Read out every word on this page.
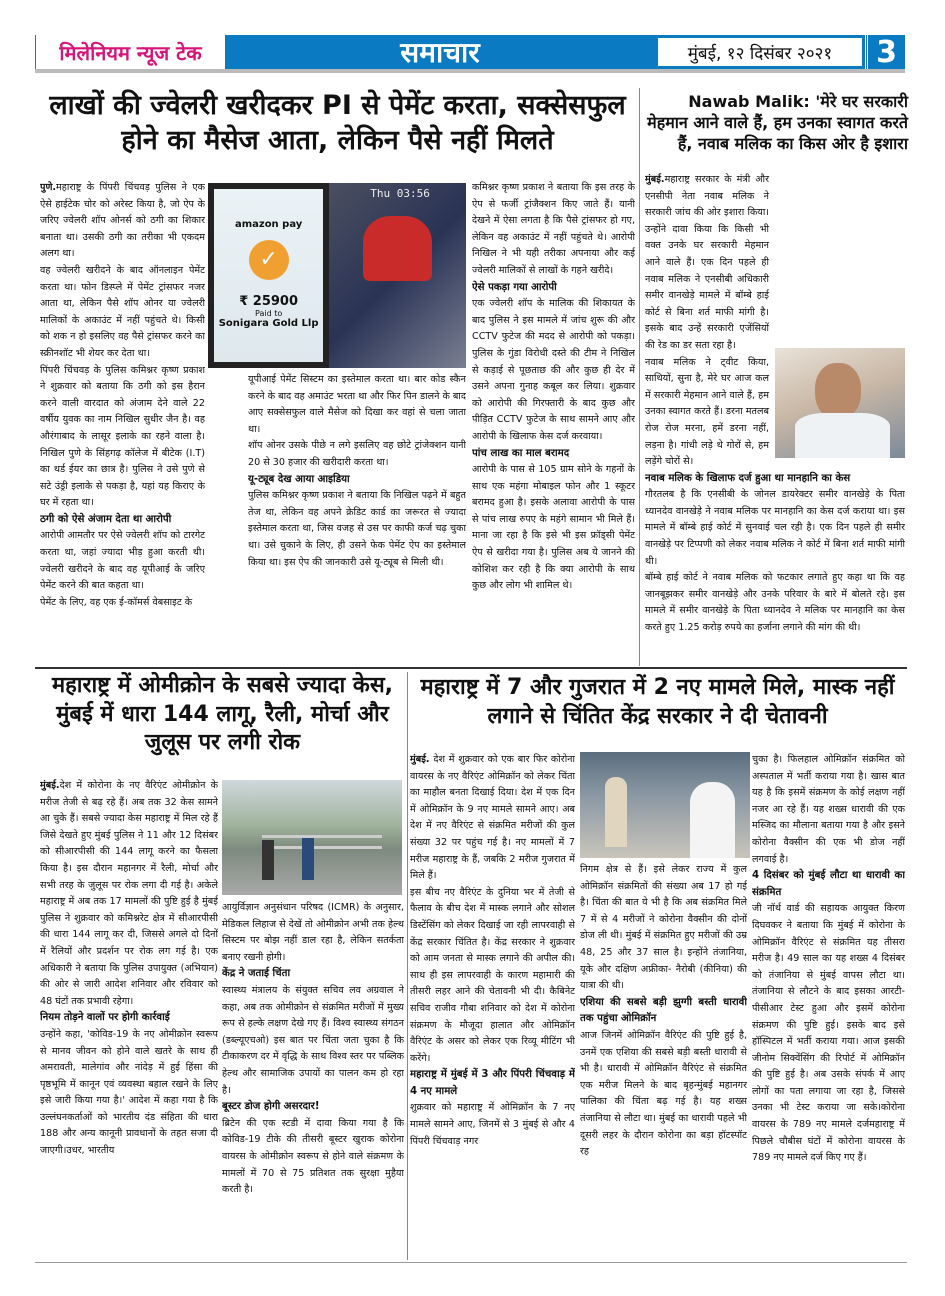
मिलेनियम न्यूज टेक	समाचार	मुंबई, १२ दिसंबर २०२१	3
लाखों की ज्वेलरी खरीदकर PI से पेमेंट करता, सक्सेसफुल होने का मैसेज आता, लेकिन पैसे नहीं मिलते
amazon pay
✓
₹ 25900
Paid to
Sonigara Gold Llp
Thu 03:56

पुणे.महाराष्ट्र के पिंपरी चिंचवड़ पुलिस ने एक ऐसे हाईटेक चोर को अरेस्ट किया है, जो ऐप के जरिए ज्वेलरी शॉप ओनर्स को ठगी का शिकार बनाता था। उसकी ठगी का तरीका भी एकदम अलग था।

वह ज्वेलरी खरीदने के बाद ऑनलाइन पेमेंट करता था। फोन डिस्प्ले में पेमेंट ट्रांसफर नजर आता था, लेकिन पैसे शॉप ओनर या ज्वेलरी मालिकों के अकाउंट में नहीं पहुंचते थे। किसी को शक न हो इसलिए वह पैसे ट्रांसफर करने का स्क्रीनशॉट भी शेयर कर देता था।

पिंपरी चिंचवड़ के पुलिस कमिश्नर कृष्ण प्रकाश ने शुक्रवार को बताया कि ठगी को इस हैरान करने वाली वारदात को अंजाम देने वाले 22 वर्षीय युवक का नाम निखिल सुधीर जैन है। वह औरंगाबाद के लासूर इलाके का रहने वाला है। निखिल पुणे के सिंहगढ़ कॉलेज में बीटेक (I.T) का थर्ड ईयर का छात्र है। पुलिस ने उसे पुणे से सटे उंड्री इलाके से पकड़ा है, यहां यह किराए के घर में रहता था।

ठगी को ऐसे अंजाम देता था आरोपी

आरोपी आमतौर पर ऐसे ज्वेलरी शॉप को टारगेट करता था, जहां ज्यादा भीड़ हुआ करती थी। ज्वेलरी खरीदने के बाद वह यूपीआई के जरिए पेमेंट करने की बात कहता था।

पेमेंट के लिए, वह एक ई-कॉमर्स वेबसाइट के

यूपीआई पेमेंट सिस्टम का इस्तेमाल करता था। बार कोड स्कैन करने के बाद वह अमाउंट भरता था और फिर पिन डालने के बाद आए सक्सेसफुल वाले मैसेज को दिखा कर वहां से चला जाता था।

शॉप ओनर उसके पीछे न लगे इसलिए वह छोटे ट्रांजेक्शन यानी 20 से 30 हजार की खरीदारी करता था।

यू-ट्यूब देख आया आइडिया

पुलिस कमिश्नर कृष्ण प्रकाश ने बताया कि निखिल पढ़ने में बहुत तेज था, लेकिन वह अपने क्रेडिट कार्ड का जरूरत से ज्यादा इस्तेमाल करता था, जिस वजह से उस पर काफी कर्ज चढ़ चुका था। उसे चुकाने के लिए, ही उसने फेक पेमेंट ऐप का इस्तेमाल किया था। इस ऐप की जानकारी उसे यू-ट्यूब से मिली थी।

कमिश्नर कृष्ण प्रकाश ने बताया कि इस तरह के ऐप से फर्जी ट्रांजैक्शन किए जाते हैं। यानी देखने में ऐसा लगता है कि पैसे ट्रांसफर हो गए, लेकिन वह अकाउंट में नहीं पहुंचते थे। आरोपी निखिल ने भी यही तरीका अपनाया और कई ज्वेलरी मालिकों से लाखों के गहने खरीदे।

ऐसे पकड़ा गया आरोपी

एक ज्वेलरी शॉप के मालिक की शिकायत के बाद पुलिस ने इस मामले में जांच शुरू की और CCTV फुटेज की मदद से आरोपी को पकड़ा। पुलिस के गुंडा विरोधी दस्ते की टीम ने निखिल से कड़ाई से पूछताछ की और कुछ ही देर में उसने अपना गुनाह कबूल कर लिया। शुक्रवार को आरोपी की गिरफ्तारी के बाद कुछ और पीड़ित CCTV फुटेज के साथ सामने आए और आरोपी के खिलाफ केस दर्ज करवाया।

पांच लाख का माल बरामद

आरोपी के पास से 105 ग्राम सोने के गहनों के साथ एक महंगा मोबाइल फोन और 1 स्कूटर बरामद हुआ है। इसके अलावा आरोपी के पास से पांच लाख रुपए के महंगे सामान भी मिले हैं। माना जा रहा है कि इसे भी इस फ्रॉड्सी पेमेंट ऐप से खरीदा गया है। पुलिस अब ये जानने की कोशिश कर रही है कि क्या आरोपी के साथ कुछ और लोग भी शामिल थे।

Nawab Malik: 'मेरे घर सरकारी मेहमान आने वाले हैं, हम उनका स्वागत करते हैं, नवाब मलिक का किस ओर है इशारा

मुंबई.महाराष्ट्र सरकार के मंत्री और एनसीपी नेता नवाब मलिक ने सरकारी जांच की ओर इशारा किया। उन्होंने दावा किया कि किसी भी वक्त उनके घर सरकारी मेहमान आने वाले हैं। एक दिन पहले ही नवाब मलिक ने एनसीबी अधिकारी समीर वानखेड़े मामले में बॉम्बे हाई कोर्ट से बिना शर्त माफी मांगी है। इसके बाद उन्हें सरकारी एजेंसियों की रेड का डर सता रहा है।

नवाब मलिक ने ट्वीट किया, साथियों, सुना है, मेरे घर आज कल में सरकारी मेहमान आने वाले हैं, हम उनका स्वागत करते हैं। डरना मतलब रोज रोज मरना, हमें डरना नहीं, लड़ना है। गांधी लड़े थे गोरों से, हम लड़ेंगे चोरों से।

नवाब मलिक के खिलाफ दर्ज हुआ था मानहानि का केस

गौरतलब है कि एनसीबी के जोनल डायरेक्टर समीर वानखेड़े के पिता ध्यानदेव वानखेड़े ने नवाब मलिक पर मानहानि का केस दर्ज कराया था। इस मामले में बॉम्बे हाई कोर्ट में सुनवाई चल रही है। एक दिन पहले ही समीर वानखेड़े पर टिप्पणी को लेकर नवाब मलिक ने कोर्ट में बिना शर्त माफी मांगी थी।

बॉम्बे हाई कोर्ट ने नवाब मलिक को फटकार लगाते हुए कहा था कि वह जानबूझकर समीर वानखेड़े और उनके परिवार के बारे में बोलते रहे। इस मामले में समीर वानखेड़े के पिता ध्यानदेव ने मलिक पर मानहानि का केस करते हुए 1.25 करोड़ रुपये का हर्जाना लगाने की मांग की थी।

महाराष्ट्र में ओमीक्रोन के सबसे ज्यादा केस, मुंबई में धारा 144 लागू, रैली, मोर्चा और जुलूस पर लगी रोक

मुंबई.देश में कोरोना के नए वैरिएंट ओमीक्रोन के मरीज तेजी से बढ़ रहे हैं। अब तक 32 केस सामने आ चुके हैं। सबसे ज्यादा केस महाराष्ट्र में मिल रहे हैं जिसे देखते हुए मुंबई पुलिस ने 11 और 12 दिसंबर को सीआरपीसी की 144 लागू करने का फैसला किया है। इस दौरान महानगर में रैली, मोर्चा और सभी तरह के जुलूस पर रोक लगा दी गई है। अकेले महाराष्ट्र में अब तक 17 मामलों की पुष्टि हुई है मुंबई पुलिस ने शुक्रवार को कमिश्नरेट क्षेत्र में सीआरपीसी की धारा 144 लागू कर दी, जिससे अगले दो दिनों में रैलियों और प्रदर्शन पर रोक लग गई है। एक अधिकारी ने बताया कि पुलिस उपायुक्त (अभियान) की ओर से जारी आदेश शनिवार और रविवार को 48 घंटों तक प्रभावी रहेगा।

नियम तोड़ने वालों पर होगी कार्रवाई

उन्होंने कहा, 'कोविड-19 के नए ओमीक्रोन स्वरूप से मानव जीवन को होने वाले खतरे के साथ ही अमरावती, मालेगांव और नांदेड़ में हुई हिंसा की पृष्ठभूमि में कानून एवं व्यवस्था बहाल रखने के लिए इसे जारी किया गया है।' आदेश में कहा गया है कि उल्लंघनकर्ताओं को भारतीय दंड संहिता की धारा 188 और अन्य कानूनी प्रावधानों के तहत सजा दी जाएगी।उधर, भारतीय

आयुर्विज्ञान अनुसंधान परिषद (ICMR) के अनुसार, मेडिकल लिहाज से देखें तो ओमीक्रोन अभी तक हेल्थ सिस्टम पर बोझ नहीं डाल रहा है, लेकिन सतर्कता बनाए रखनी होगी।

केंद्र ने जताई चिंता

स्वास्थ्य मंत्रालय के संयुक्त सचिव लव अग्रवाल ने कहा, अब तक ओमीक्रोन से संक्रमित मरीजों में मुख्य रूप से हल्के लक्षण देखे गए हैं। विश्व स्वास्थ्य संगठन (डब्ल्यूएचओ) इस बात पर चिंता जता चुका है कि टीकाकरण दर में वृद्धि के साथ विश्व स्तर पर पब्लिक हेल्थ और सामाजिक उपायों का पालन कम हो रहा है।

बूस्टर डोज होगी असरदार!

ब्रिटेन की एक स्टडी में दावा किया गया है कि कोविड-19 टीके की तीसरी बूस्टर खुराक कोरोना वायरस के ओमीक्रोन स्वरूप से होने वाले संक्रमण के मामलों में 70 से 75 प्रतिशत तक सुरक्षा मुहैया करती है।

महाराष्ट्र में 7 और गुजरात में 2 नए मामले मिले, मास्क नहीं लगाने से चिंतित केंद्र सरकार ने दी चेतावनी

मुंबई. देश में शुक्रवार को एक बार फिर कोरोना वायरस के नए वैरिएंट ओमिक्रॉन को लेकर चिंता का माहौल बनता दिखाई दिया। देश में एक दिन में ओमिक्रॉन के 9 नए मामले सामने आए। अब देश में नए वैरिएंट से संक्रमित मरीजों की कुल संख्या 32 पर पहुंच गई है। नए मामलों में 7 मरीज महाराष्ट्र के हैं, जबकि 2 मरीज गुजरात में मिले हैं।

इस बीच नए वैरिएंट के दुनिया भर में तेजी से फैलाव के बीच देश में मास्क लगाने और सोशल डिस्टेंसिंग को लेकर दिखाई जा रही लापरवाही से केंद्र सरकार चिंतित है। केंद्र सरकार ने शुक्रवार को आम जनता से मास्क लगाने की अपील की। साथ ही इस लापरवाही के कारण महामारी की तीसरी लहर आने की चेतावनी भी दी। कैबिनेट सचिव राजीव गौबा शनिवार को देश में कोरोना संक्रमण के मौजूदा हालात और ओमिक्रॉन वैरिएंट के असर को लेकर एक रिव्यू मीटिंग भी करेंगे।

महाराष्ट्र में मुंबई में 3 और पिंपरी चिंचवाड़ में 4 नए मामले

शुक्रवार को महाराष्ट्र में ओमिक्रॉन के 7 नए मामले सामने आए, जिनमें से 3 मुंबई से और 4 पिंपरी चिंचवाड़ नगर

निगम क्षेत्र से हैं। इसे लेकर राज्य में कुल ओमिक्रॉन संक्रमितों की संख्या अब 17 हो गई है। चिंता की बात ये भी है कि अब संक्रमित मिले 7 में से 4 मरीजों ने कोरोना वैक्सीन की दोनों डोज ली थी। मुंबई में संक्रमित हुए मरीजों की उम्र 48, 25 और 37 साल है। इन्होंने तंजानिया, यूके और दक्षिण अफ्रीका- नैरोबी (कीनिया) की यात्रा की थी।

एशिया की सबसे बड़ी झुग्गी बस्ती धारावी तक पहुंचा ओमिक्रॉन

आज जिनमें ओमिक्रॉन वैरिएंट की पुष्टि हुई है, उनमें एक एशिया की सबसे बड़ी बस्ती धारावी से भी है। धारावी में ओमिक्रॉन वैरिएंट से संक्रमित एक मरीज मिलने के बाद बृहन्मुंबई महानगर पालिका की चिंता बढ़ गई है। यह शख्स तंजानिया से लौटा था। मुंबई का धारावी पहले भी दूसरी लहर के दौरान कोरोना का बड़ा हॉटस्पॉट रह

चुका है। फिलहाल ओमिक्रॉन संक्रमित को अस्पताल में भर्ती कराया गया है। खास बात यह है कि इसमें संक्रमण के कोई लक्षण नहीं नजर आ रहे हैं। यह शख्स धारावी की एक मस्जिद का मौलाना बताया गया है और इसने कोरोना वैक्सीन की एक भी डोज नहीं लगवाई है।

4 दिसंबर को मुंबई लौटा था धारावी का संक्रमित

जी नॉर्थ वार्ड की सहायक आयुक्त किरण दिघवकर ने बताया कि मुंबई में कोरोना के ओमिक्रॉन वैरिएंट से संक्रमित यह तीसरा मरीज है। 49 साल का यह शख्स 4 दिसंबर को तंजानिया से मुंबई वापस लौटा था। तंजानिया से लौटने के बाद इसका आरटी-पीसीआर टेस्ट हुआ और इसमें कोरोना संक्रमण की पुष्टि हुई। इसके बाद इसे हॉस्पिटल में भर्ती कराया गया। आज इसकी जीनोम सिक्वेंसिंग की रिपोर्ट में ओमिक्रॉन की पुष्टि हुई है। अब उसके संपर्क में आए लोगों का पता लगाया जा रहा है, जिससे उनका भी टेस्ट कराया जा सके।कोरोना वायरस के 789 नए मामले दर्जमहाराष्ट्र में पिछले चौबीस घंटों में कोरोना वायरस के 789 नए मामले दर्ज किए गए हैं।
